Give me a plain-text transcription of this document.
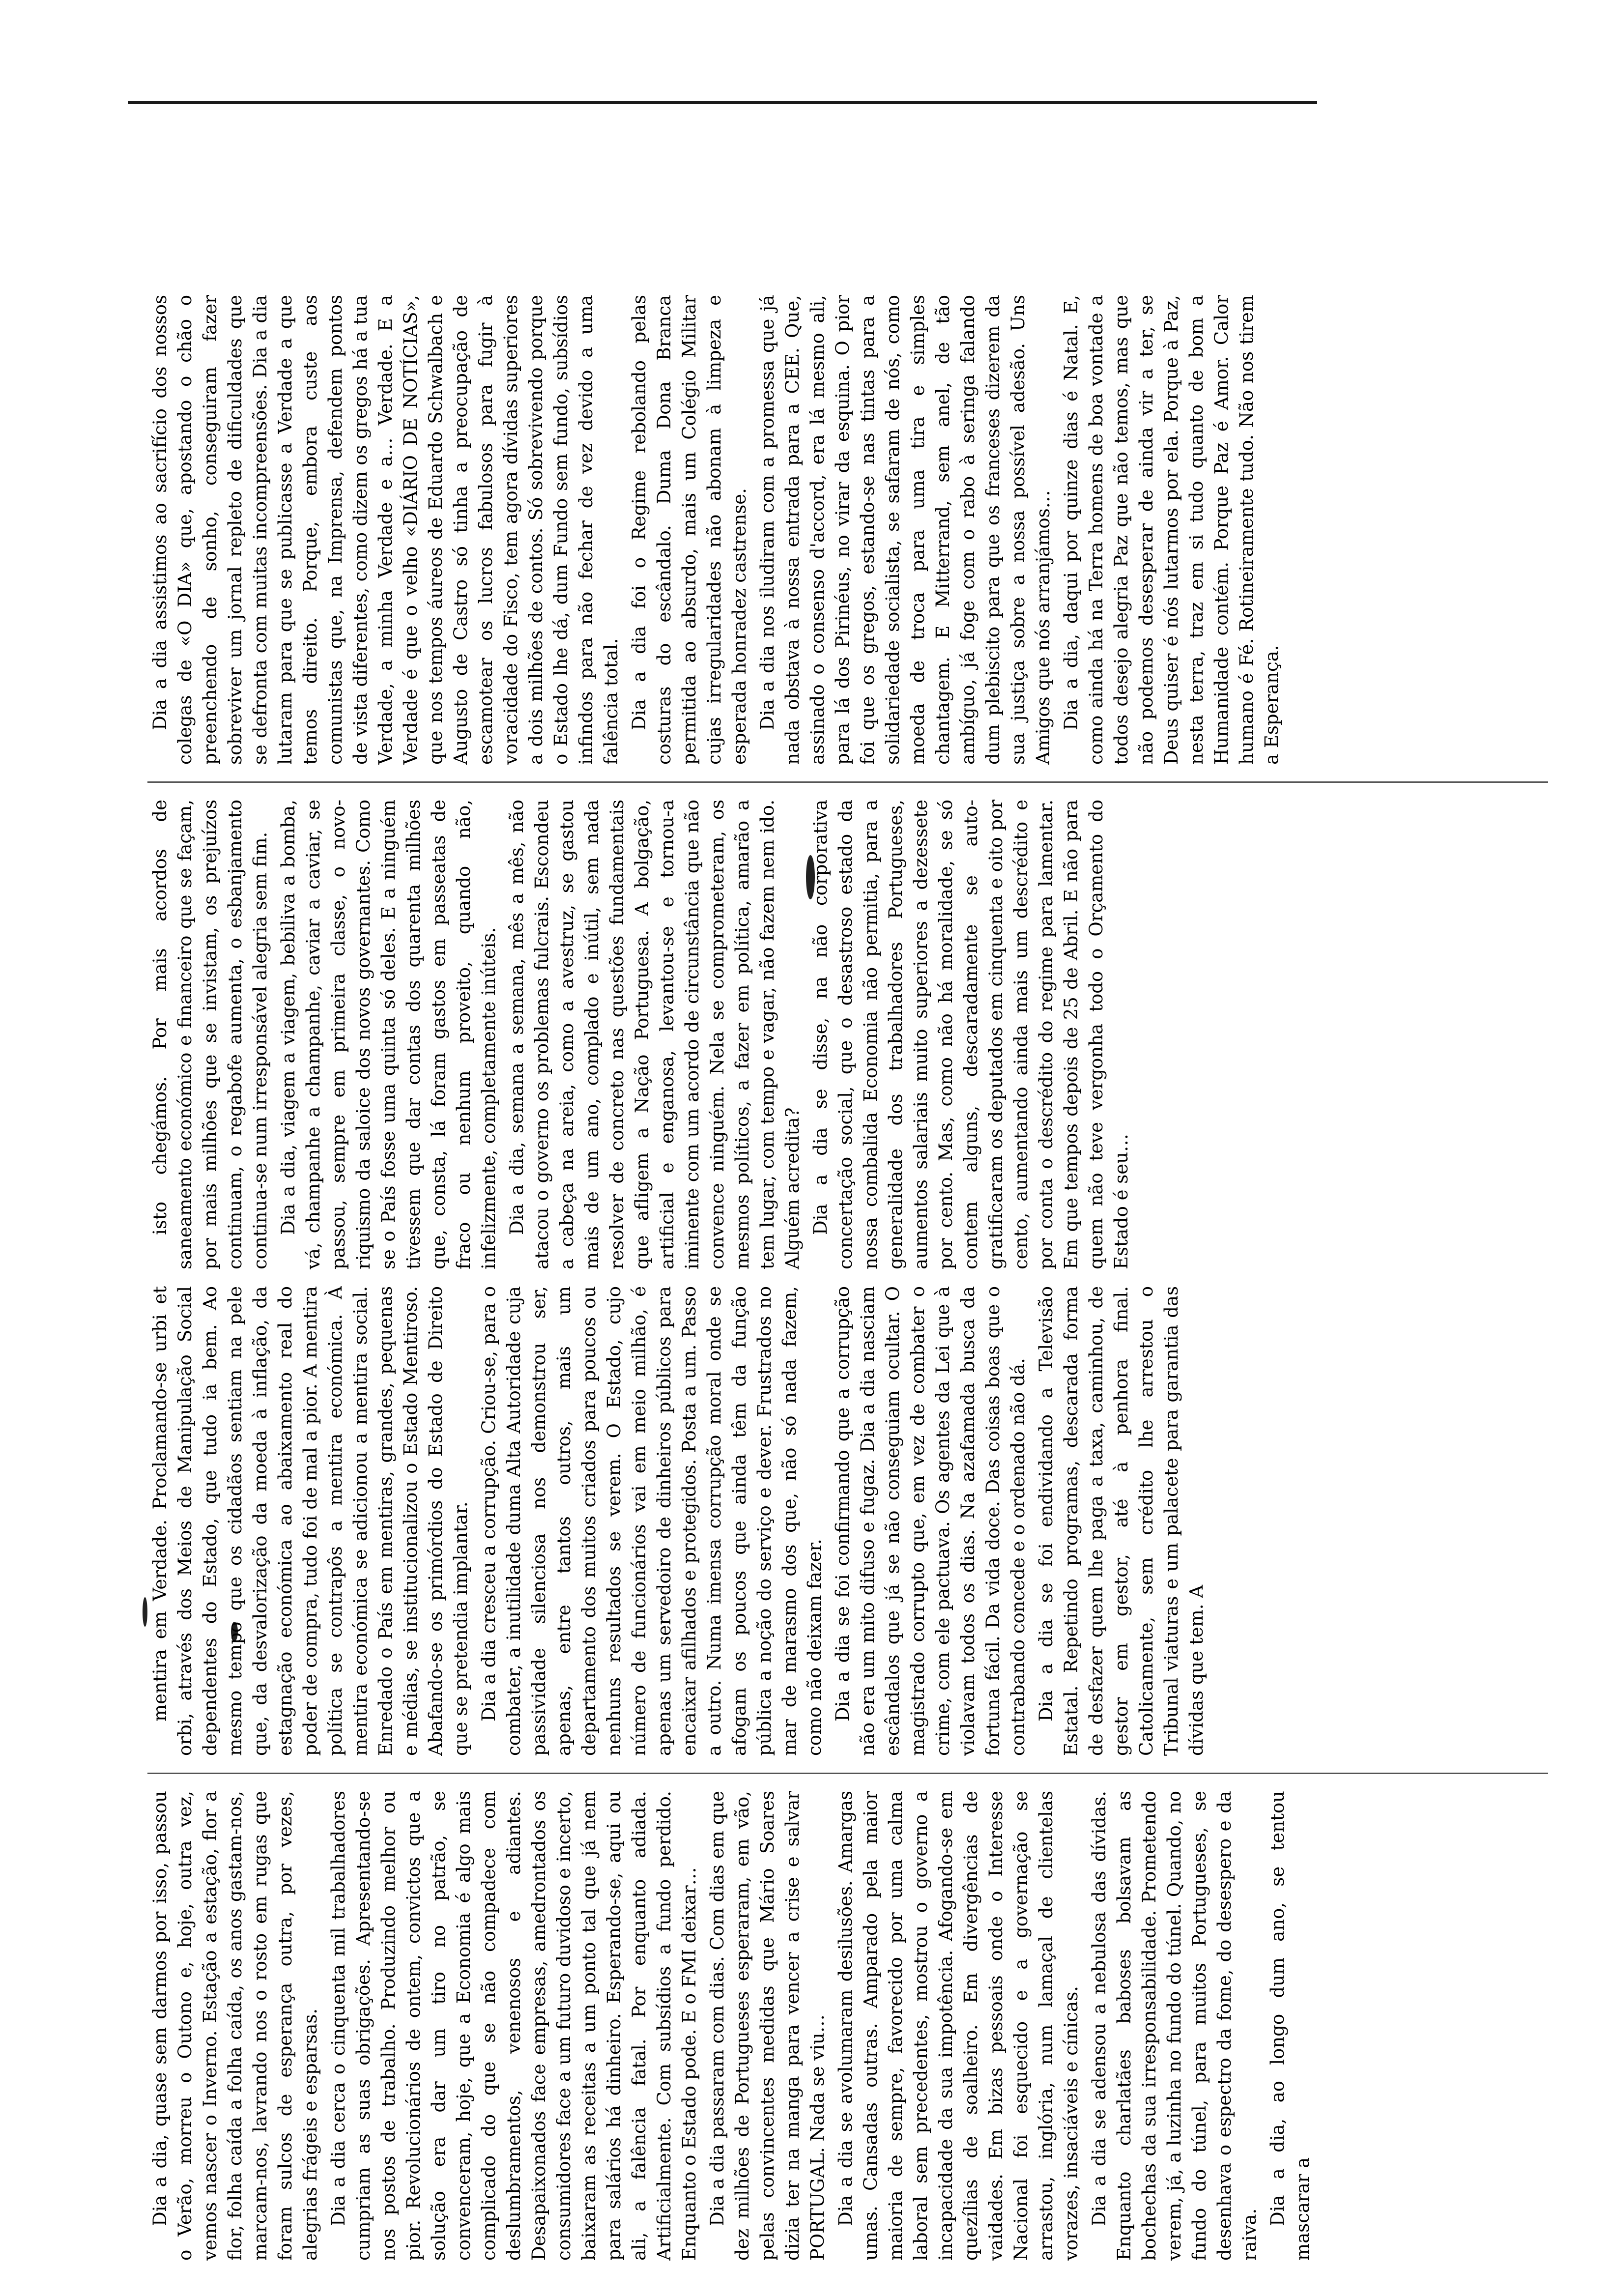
Dia a dia, quase sem darmos por isso, passou o Verão, morreu o Outono e, hoje, outra vez, vemos nascer o Inverno. Estação a estação, flor a flor, folha caída a folha caída, os anos gastam-nos, marcam-nos, lavrando nos o rosto em rugas que foram sulcos de esperança outra, por vezes, alegrias frágeis e esparsas. Dia a dia cerca o cinquenta mil trabalhadores cumpriam as suas obrigações. Apresentando-se nos postos de trabalho. Produzindo melhor ou pior. Revolucionários de ontem, convictos que a solução era dar um tiro no patrão, se convenceram, hoje, que a Economia é algo mais complicado do que se não compadece com deslumbramentos, venenosos e adiantes. Desapaixonados face empresas, amedrontados os consumidores face a um futuro duvidoso e incerto, baixaram as receitas a um ponto tal que já nem para salários há dinheiro. Esperando-se, aqui ou ali, a falência fatal. Por enquanto adiada. Artificialmente. Com subsídios a fundo perdido. Enquanto o Estado pode. E o FMI deixar… Dia a dia passaram com dias. Com dias em que dez milhões de Portugueses esperaram, em vão, pelas convincentes medidas que Mário Soares dizia ter na manga para vencer a crise e salvar PORTUGAL. Nada se viu… Dia a dia se avolumaram desilusões. Amargas umas. Cansadas outras. Amparado pela maior maioria de sempre, favorecido por uma calma laboral sem precedentes, mostrou o governo a incapacidade da sua impotência. Afogando-se em quezílias de soalheiro. Em divergências de vaidades. Em bizas pessoais onde o Interesse Nacional foi esquecido e a governação se arrastou, inglória, num lamaçal de clientelas vorazes, insaciáveis e cínicas. Dia a dia se adensou a nebulosa das dívidas. Enquanto charlatães baboses bolsavam as bochechas da sua irresponsabilidade. Prometendo verem, já, a luzinha no fundo do túnel. Quando, no fundo do túnel, para muitos Portugueses, se desenhava o espectro da fome, do desespero e da raiva.

Dia a dia, ao longo dum ano, se tentou mascarar a

mentira em Verdade. Proclamando-se urbi et orbi, através dos Meios de Manipulação Social dependentes do Estado, que tudo ia bem. Ao mesmo tempo que os cidadãos sentiam na pele que, da desvalorização da moeda à inflação, da estagnação económica ao abaixamento real do poder de compra, tudo foi de mal a pior. A mentira política se contrapôs a mentira económica. À mentira económica se adicionou a mentira social. Enredado o País em mentiras, grandes, pequenas e médias, se institucionalizou o Estado Mentiroso. Abafando-se os primórdios do Estado de Direito que se pretendia implantar. Dia a dia cresceu a corrupção. Criou-se, para o combater, a inutilidade duma Alta Autoridade cuja passividade silenciosa nos demonstrou ser, apenas, entre tantos outros, mais um departamento dos muitos criados para poucos ou nenhuns resultados se verem. O Estado, cujo número de funcionários vai em meio milhão, é apenas um servedoiro de dinheiros públicos para encaixar afilhados e protegidos. Posta a um. Passo a outro. Numa imensa corrupção moral onde se afogam os poucos que ainda têm da função pública a noção do serviço e dever. Frustrados no mar de marasmo dos que, não só nada fazem, como não deixam fazer. Dia a dia se foi confirmando que a corrupção não era um mito difuso e fugaz. Dia a dia nasciam escândalos que já se não conseguiam ocultar. O magistrado corrupto que, em vez de combater o crime, com ele pactuava. Os agentes da Lei que à violavam todos os dias. Na azafamada busca da fortuna fácil. Da vida doce. Das coisas boas que o contrabando concede e o ordenado não dá. Dia a dia se foi endividando a Televisão Estatal. Repetindo programas, descarada forma de desfazer quem lhe paga a taxa, caminhou, de gestor em gestor, até à penhora final. Catolicamente, sem crédito lhe arrestou o Tribunal viaturas e um palacete para garantia das dívidas que tem. A

isto chegámos. Por mais acordos de saneamento económico e financeiro que se façam, por mais milhões que se invistam, os prejuízos continuam, o regabofe aumenta, o esbanjamento continua-se num irresponsável alegria sem fim. Dia a dia, viagem a viagem, bebiliva a bomba, vá, champanhe a champanhe, caviar a caviar, se passou, sempre em primeira classe, o novo-riquismo da saloice dos novos governantes. Como se o País fosse uma quinta só deles. E a ninguém tivessem que dar contas dos quarenta milhões que, consta, lá foram gastos em passeatas de fraco ou nenhum proveito, quando não, infelizmente, completamente inúteis. Dia a dia, semana a semana, mês a mês, não atacou o governo os problemas fulcrais. Escondeu a cabeça na areia, como a avestruz, se gastou mais de um ano, complado e inútil, sem nada resolver de concreto nas questões fundamentais que afligem a Nação Portuguesa. A bolgação, artificial e enganosa, levantou-se e tornou-a iminente com um acordo de circunstância que não convence ninguém. Nela se comprometeram, os mesmos políticos, a fazer em política, amarão a tem lugar, com tempo e vagar, não fazem nem ido. Alguém acredita? Dia a dia se disse, na não corporativa concertação social, que o desastroso estado da nossa combalida Economia não permitia, para a generalidade dos trabalhadores Portugueses, aumentos salariais muito superiores a dezessete por cento. Mas, como não há moralidade, se só contem alguns, descaradamente se auto-gratificaram os deputados em cinquenta e oito por cento, aumentando ainda mais um descrédito e por conta o descrédito do regime para lamentar. Em que tempos depois de 25 de Abril. E não para quem não teve vergonha todo o Orçamento do Estado é seu…

Dia a dia assistimos ao sacrifício dos nossos colegas de «O DIA» que, apostando o chão o preenchendo de sonho, conseguiram fazer sobreviver um jornal repleto de dificuldades que se defronta com muitas incompreensões. Dia a dia lutaram para que se publicasse a Verdade a que temos direito. Porque, embora custe aos comunistas que, na Imprensa, defendem pontos de vista diferentes, como dizem os gregos há a tua Verdade, a minha Verdade e a… Verdade. E a Verdade é que o velho «DIÁRIO DE NOTÍCIAS», que nos tempos áureos de Eduardo Schwalbach e Augusto de Castro só tinha a preocupação de escamotear os lucros fabulosos para fugir à voracidade do Fisco, tem agora dívidas superiores a dois milhões de contos. Só sobrevivendo porque o Estado lhe dá, dum Fundo sem fundo, subsídios infindos para não fechar de vez devido a uma falência total. Dia a dia foi o Regime rebolando pelas costuras do escândalo. Duma Dona Branca permitida ao absurdo, mais um Colégio Militar cujas irregularidades não abonam à limpeza e esperada honradez castrense. Dia a dia nos iludiram com a promessa que já nada obstava à nossa entrada para a CEE. Que, assinado o consenso d'accord, era lá mesmo ali, para lá dos Pirinéus, no virar da esquina. O pior foi que os gregos, estando-se nas tintas para a solidariedade socialista, se safaram de nós, como moeda de troca para uma tira e simples chantagem. E Mitterrand, sem anel, de tão ambíguo, já foge com o rabo à seringa falando dum plebiscito para que os franceses dizerem da sua justiça sobre a nossa possível adesão. Uns Amigos que nós arranjámos… Dia a dia, daqui por quinze dias é Natal. E, como ainda há na Terra homens de boa vontade a todos desejo alegria Paz que não temos, mas que não podemos desesperar de ainda vir a ter, se Deus quiser é nós lutarmos por ela. Porque à Paz, nesta terra, traz em si tudo quanto de bom a Humanidade contém. Porque Paz é Amor. Calor humano é Fé. Rotineiramente tudo. Não nos tirem a Esperança.
